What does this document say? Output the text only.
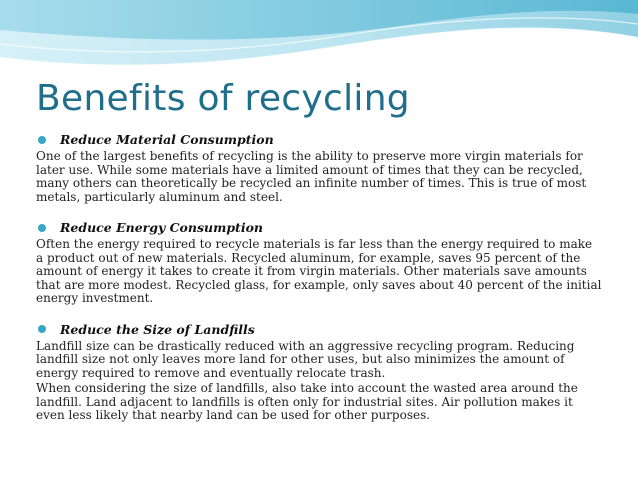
Benefits of recycling
Reduce Material Consumption

One of the largest benefits of recycling is the ability to preserve more virgin materials for later use. While some materials have a limited amount of times that they can be recycled, many others can theoretically be recycled an infinite number of times. This is true of most metals, particularly aluminum and steel.

Reduce Energy Consumption

Often the energy required to recycle materials is far less than the energy required to make a product out of new materials. Recycled aluminum, for example, saves 95 percent of the amount of energy it takes to create it from virgin materials. Other materials save amounts that are more modest. Recycled glass, for example, only saves about 40 percent of the initial energy investment.

Reduce the Size of Landfills

Landfill size can be drastically reduced with an aggressive recycling program. Reducing landfill size not only leaves more land for other uses, but also minimizes the amount of energy required to remove and eventually relocate trash.

When considering the size of landfills, also take into account the wasted area around the landfill. Land adjacent to landfills is often only for industrial sites. Air pollution makes it even less likely that nearby land can be used for other purposes.
